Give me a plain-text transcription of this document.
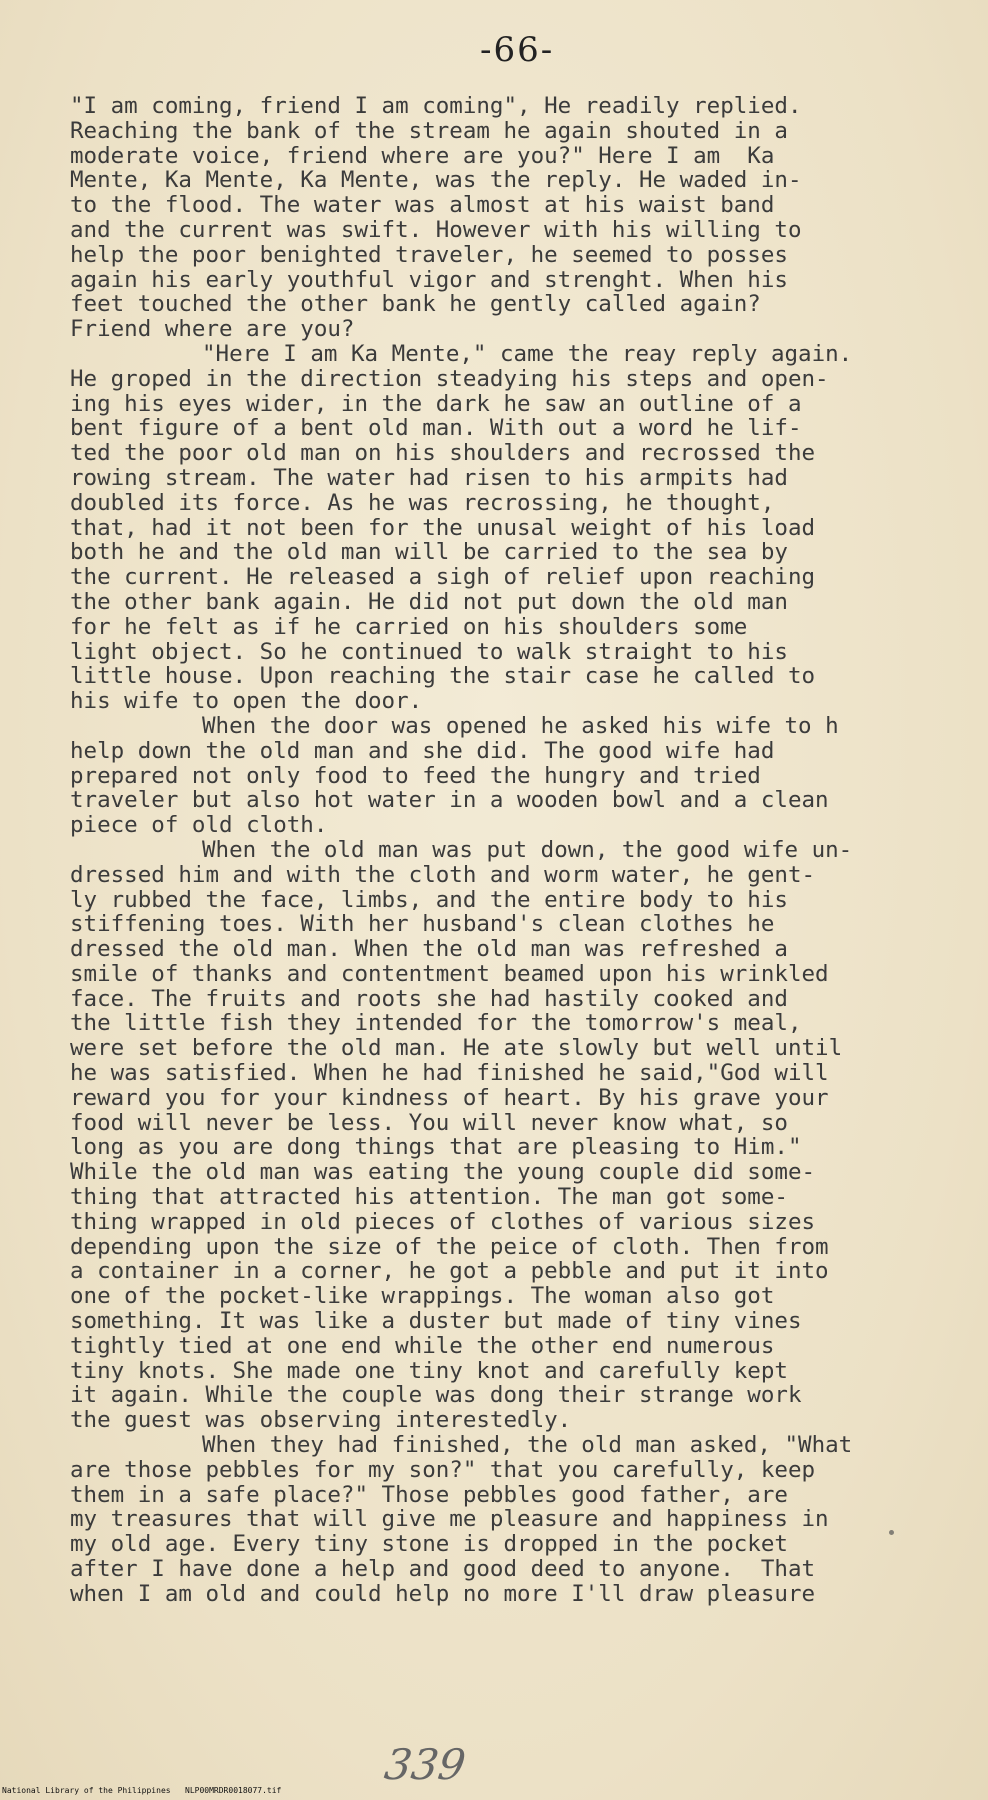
-66-
"I am coming, friend I am coming", He readily replied.
Reaching the bank of the stream he again shouted in a
moderate voice, friend where are you?" Here I am  Ka
Mente, Ka Mente, Ka Mente, was the reply. He waded in-
to the flood. The water was almost at his waist band
and the current was swift. However with his willing to
help the poor benighted traveler, he seemed to posses
again his early youthful vigor and strenght. When his
feet touched the other bank he gently called again?
Friend where are you?
"Here I am Ka Mente," came the reay reply again.
He groped in the direction steadying his steps and open-
ing his eyes wider, in the dark he saw an outline of a
bent figure of a bent old man. With out a word he lif-
ted the poor old man on his shoulders and recrossed the
rowing stream. The water had risen to his armpits had
doubled its force. As he was recrossing, he thought,
that, had it not been for the unusal weight of his load
both he and the old man will be carried to the sea by
the current. He released a sigh of relief upon reaching
the other bank again. He did not put down the old man
for he felt as if he carried on his shoulders some
light object. So he continued to walk straight to his
little house. Upon reaching the stair case he called to
his wife to open the door.
When the door was opened he asked his wife to h
help down the old man and she did. The good wife had
prepared not only food to feed the hungry and tried
traveler but also hot water in a wooden bowl and a clean
piece of old cloth.
When the old man was put down, the good wife un-
dressed him and with the cloth and worm water, he gent-
ly rubbed the face, limbs, and the entire body to his
stiffening toes. With her husband's clean clothes he
dressed the old man. When the old man was refreshed a
smile of thanks and contentment beamed upon his wrinkled
face. The fruits and roots she had hastily cooked and
the little fish they intended for the tomorrow's meal,
were set before the old man. He ate slowly but well until
he was satisfied. When he had finished he said,"God will
reward you for your kindness of heart. By his grave your
food will never be less. You will never know what, so
long as you are dong things that are pleasing to Him."
While the old man was eating the young couple did some-
thing that attracted his attention. The man got some-
thing wrapped in old pieces of clothes of various sizes
depending upon the size of the peice of cloth. Then from
a container in a corner, he got a pebble and put it into
one of the pocket-like wrappings. The woman also got
something. It was like a duster but made of tiny vines
tightly tied at one end while the other end numerous
tiny knots. She made one tiny knot and carefully kept
it again. While the couple was dong their strange work
the guest was observing interestedly.
When they had finished, the old man asked, "What
are those pebbles for my son?" that you carefully, keep
them in a safe place?" Those pebbles good father, are
my treasures that will give me pleasure and happiness in
my old age. Every tiny stone is dropped in the pocket
after I have done a help and good deed to anyone.  That
when I am old and could help no more I'll draw pleasure
339
National Library of the Philippines   NLP00MRDR0018077.tif
